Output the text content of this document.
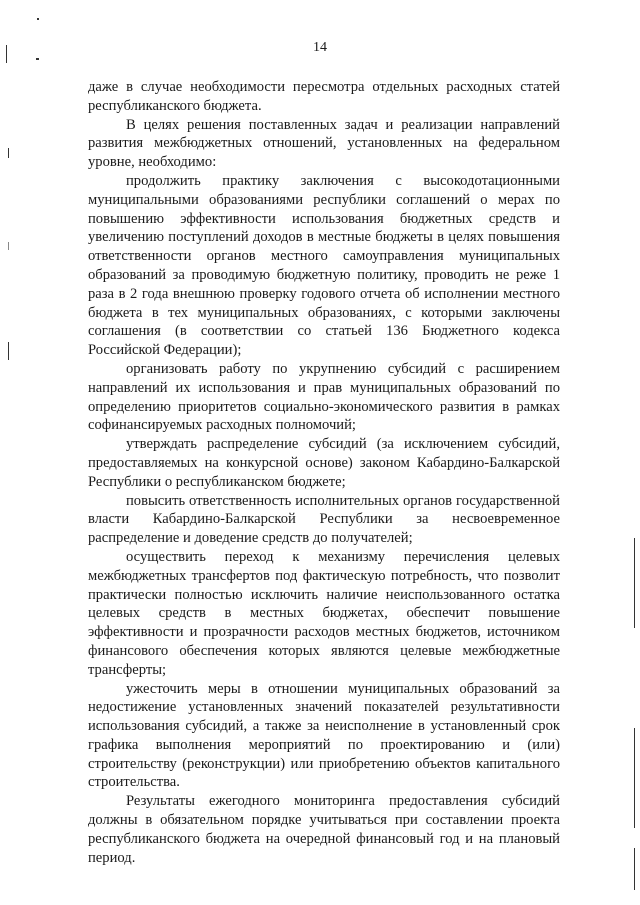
14

даже в случае необходимости пересмотра отдельных расходных статей республиканского бюджета.

В целях решения поставленных задач и реализации направлений развития межбюджетных отношений, установленных на федеральном уровне, необходимо:

продолжить практику заключения с высокодотационными муниципальными образованиями республики соглашений о мерах по повышению эффективности использования бюджетных средств и увеличению поступлений доходов в местные бюджеты в целях повышения ответственности органов местного самоуправления муниципальных образований за проводимую бюджетную политику, проводить не реже 1 раза в 2 года внешнюю проверку годового отчета об исполнении местного бюджета в тех муниципальных образованиях, с которыми заключены соглашения (в соответствии со статьей 136 Бюджетного кодекса Российской Федерации);

организовать работу по укрупнению субсидий с расширением направлений их использования и прав муниципальных образований по определению приоритетов социально-экономического развития в рамках софинансируемых расходных полномочий;

утверждать распределение субсидий (за исключением субсидий, предоставляемых на конкурсной основе) законом Кабардино-Балкарской Республики о республиканском бюджете;

повысить ответственность исполнительных органов государственной власти Кабардино-Балкарской Республики за несвоевременное распределение и доведение средств до получателей;

осуществить переход к механизму перечисления целевых межбюджетных трансфертов под фактическую потребность, что позволит практически полностью исключить наличие неиспользованного остатка целевых средств в местных бюджетах, обеспечит повышение эффективности и прозрачности расходов местных бюджетов, источником финансового обеспечения которых являются целевые межбюджетные трансферты;

ужесточить меры в отношении муниципальных образований за недостижение установленных значений показателей результативности использования субсидий, а также за неисполнение в установленный срок графика выполнения мероприятий по проектированию и (или) строительству (реконструкции) или приобретению объектов капитального строительства.

Результаты ежегодного мониторинга предоставления субсидий должны в обязательном порядке учитываться при составлении проекта республиканского бюджета на очередной финансовый год и на плановый период.
